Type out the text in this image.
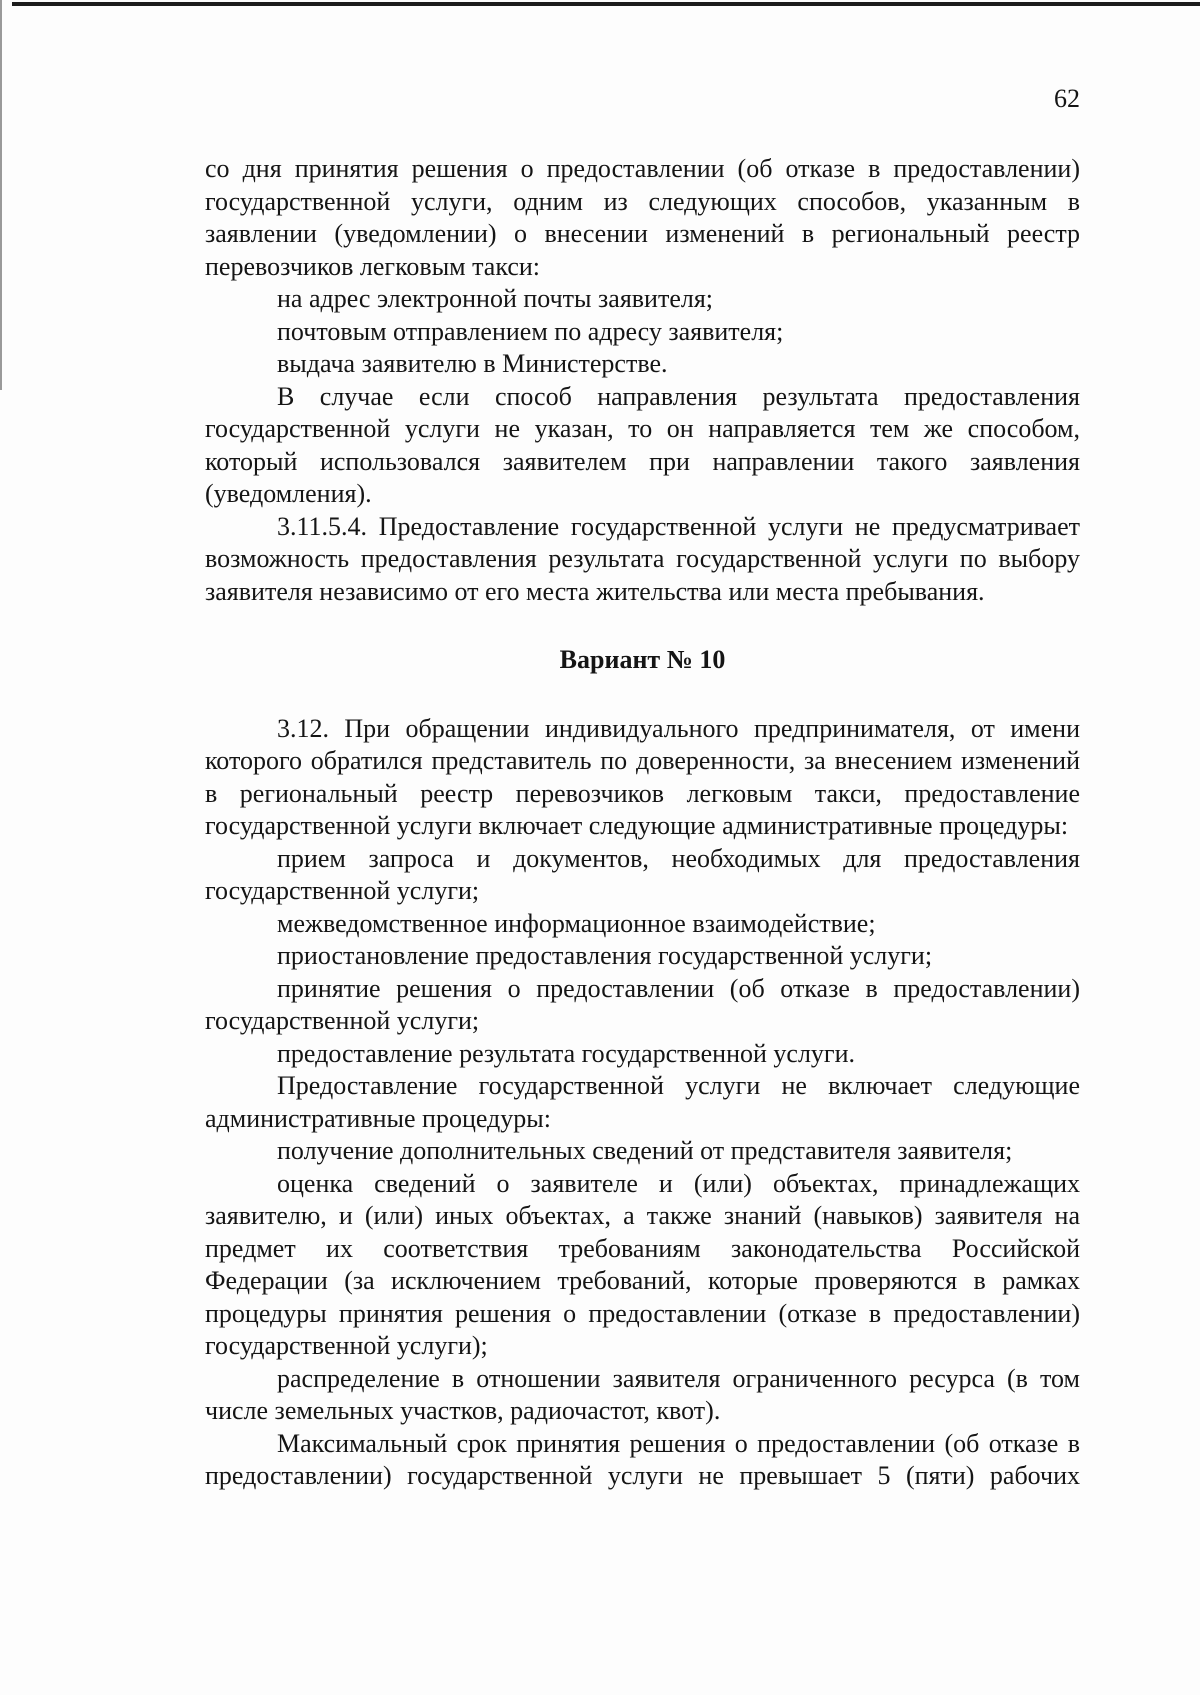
62

со дня принятия решения о предоставлении (об отказе в предоставлении) государственной услуги, одним из следующих способов, указанным в заявлении (уведомлении) о внесении изменений в региональный реестр перевозчиков легковым такси:

на адрес электронной почты заявителя;

почтовым отправлением по адресу заявителя;

выдача заявителю в Министерстве.

В случае если способ направления результата предоставления государственной услуги не указан, то он направляется тем же способом, который использовался заявителем при направлении такого заявления (уведомления).

3.11.5.4. Предоставление государственной услуги не предусматривает возможность предоставления результата государственной услуги по выбору заявителя независимо от его места жительства или места пребывания.

Вариант № 10

3.12. При обращении индивидуального предпринимателя, от имени которого обратился представитель по доверенности, за внесением изменений в региональный реестр перевозчиков легковым такси, предоставление государственной услуги включает следующие административные процедуры:

прием запроса и документов, необходимых для предоставления государственной услуги;

межведомственное информационное взаимодействие;

приостановление предоставления государственной услуги;

принятие решения о предоставлении (об отказе в предоставлении) государственной услуги;

предоставление результата государственной услуги.

Предоставление государственной услуги не включает следующие административные процедуры:

получение дополнительных сведений от представителя заявителя;

оценка сведений о заявителе и (или) объектах, принадлежащих заявителю, и (или) иных объектах, а также знаний (навыков) заявителя на предмет их соответствия требованиям законодательства Российской Федерации (за исключением требований, которые проверяются в рамках процедуры принятия решения о предоставлении (отказе в предоставлении) государственной услуги);

распределение в отношении заявителя ограниченного ресурса (в том числе земельных участков, радиочастот, квот).

Максимальный срок принятия решения о предоставлении (об отказе в предоставлении) государственной услуги не превышает 5 (пяти) рабочих
